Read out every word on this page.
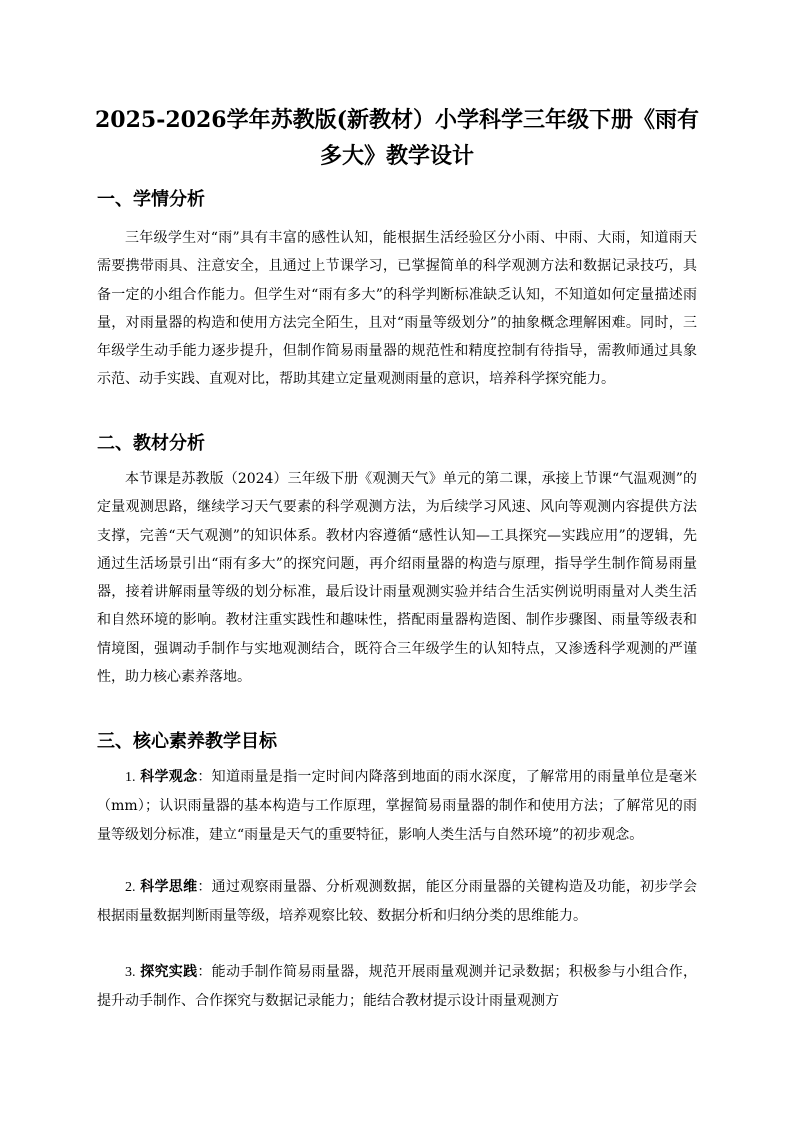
2025-2026学年苏教版(新教材）小学科学三年级下册《雨有多大》教学设计
一、学情分析

三年级学生对“雨”具有丰富的感性认知，能根据生活经验区分小雨、中雨、大雨，知道雨天需要携带雨具、注意安全，且通过上节课学习，已掌握简单的科学观测方法和数据记录技巧，具备一定的小组合作能力。但学生对“雨有多大”的科学判断标准缺乏认知，不知道如何定量描述雨量，对雨量器的构造和使用方法完全陌生，且对“雨量等级划分”的抽象概念理解困难。同时，三年级学生动手能力逐步提升，但制作简易雨量器的规范性和精度控制有待指导，需教师通过具象示范、动手实践、直观对比，帮助其建立定量观测雨量的意识，培养科学探究能力。

二、教材分析

本节课是苏教版（2024）三年级下册《观测天气》单元的第二课，承接上节课“气温观测”的定量观测思路，继续学习天气要素的科学观测方法，为后续学习风速、风向等观测内容提供方法支撑，完善“天气观测”的知识体系。教材内容遵循“感性认知—工具探究—实践应用”的逻辑，先通过生活场景引出“雨有多大”的探究问题，再介绍雨量器的构造与原理，指导学生制作简易雨量器，接着讲解雨量等级的划分标准，最后设计雨量观测实验并结合生活实例说明雨量对人类生活和自然环境的影响。教材注重实践性和趣味性，搭配雨量器构造图、制作步骤图、雨量等级表和情境图，强调动手制作与实地观测结合，既符合三年级学生的认知特点，又渗透科学观测的严谨性，助力核心素养落地。

三、核心素养教学目标

1. 科学观念：知道雨量是指一定时间内降落到地面的雨水深度，了解常用的雨量单位是毫米（mm）；认识雨量器的基本构造与工作原理，掌握简易雨量器的制作和使用方法；了解常见的雨量等级划分标准，建立“雨量是天气的重要特征，影响人类生活与自然环境”的初步观念。

2. 科学思维：通过观察雨量器、分析观测数据，能区分雨量器的关键构造及功能，初步学会根据雨量数据判断雨量等级，培养观察比较、数据分析和归纳分类的思维能力。

3. 探究实践：能动手制作简易雨量器，规范开展雨量观测并记录数据；积极参与小组合作，提升动手制作、合作探究与数据记录能力；能结合教材提示设计雨量观测方
